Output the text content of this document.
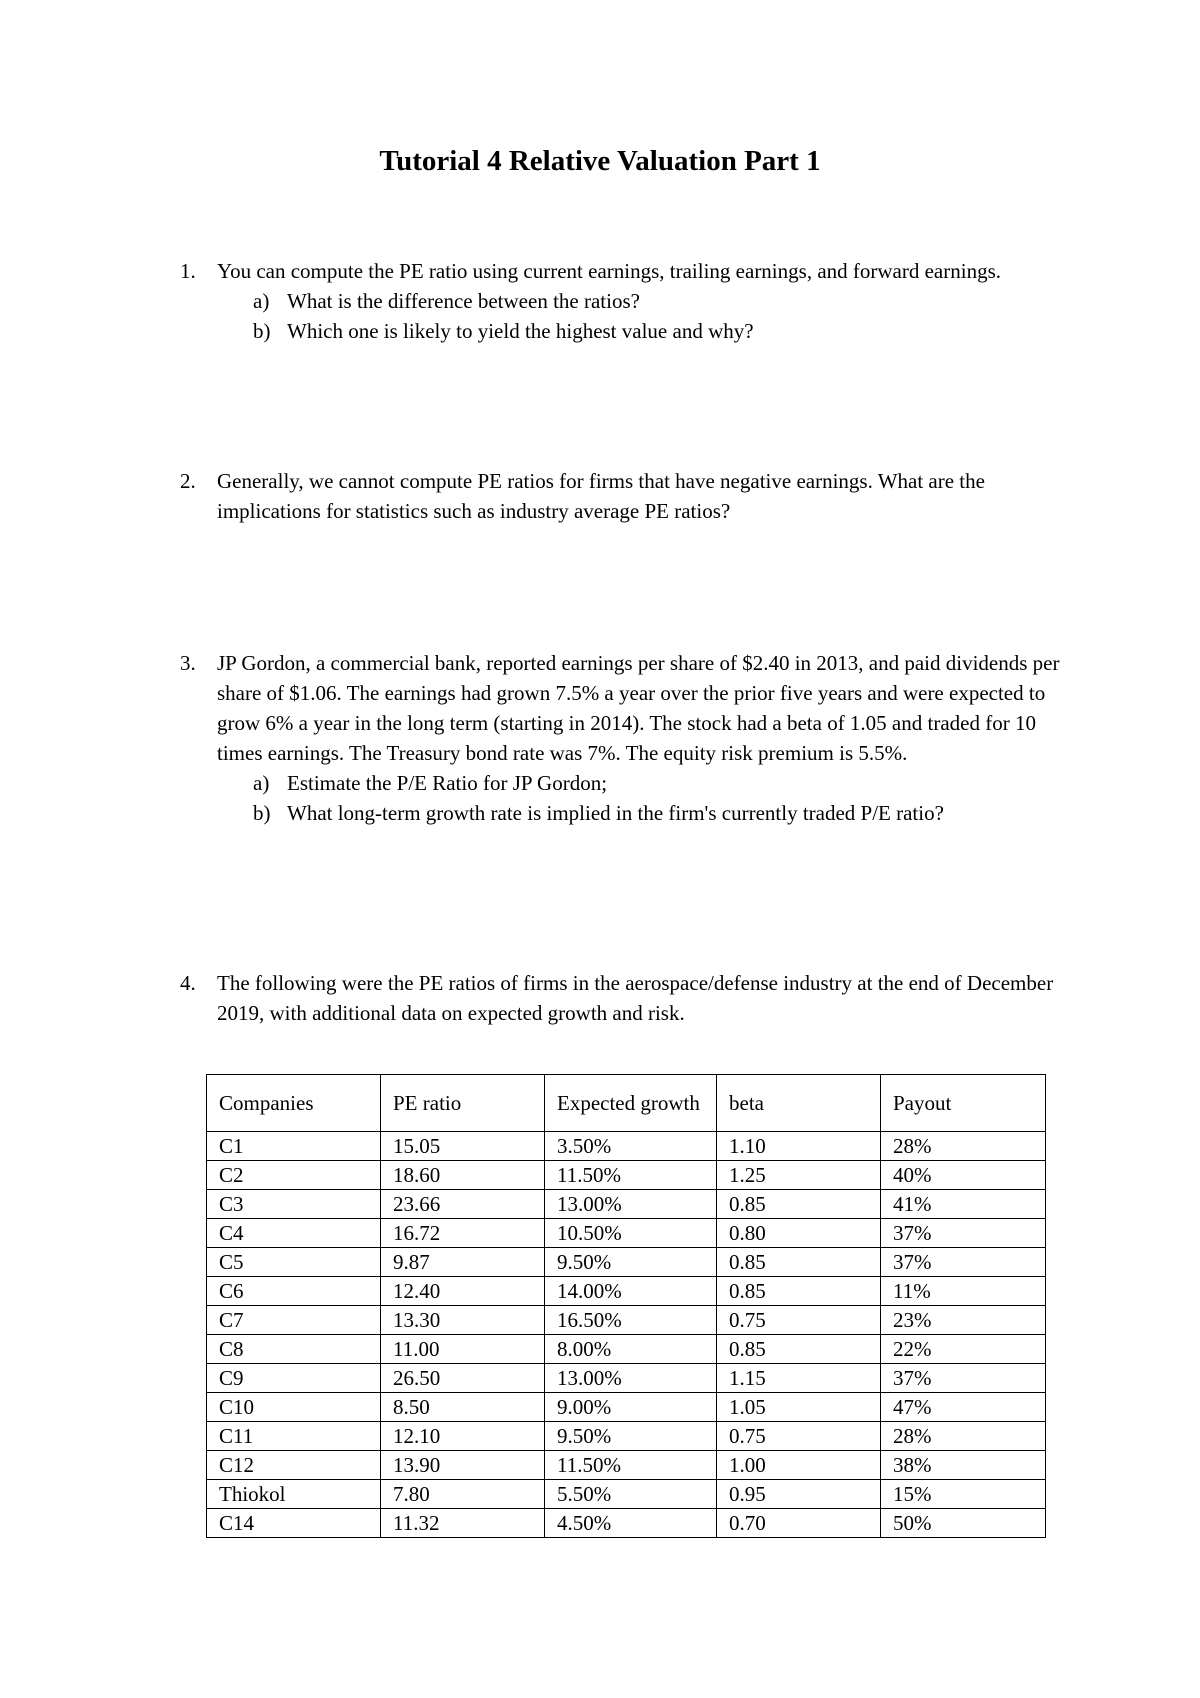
Tutorial 4 Relative Valuation Part 1
1. You can compute the PE ratio using current earnings, trailing earnings, and forward earnings.
a) What is the difference between the ratios?
b) Which one is likely to yield the highest value and why?
2. Generally, we cannot compute PE ratios for firms that have negative earnings. What are the implications for statistics such as industry average PE ratios?
3. JP Gordon, a commercial bank, reported earnings per share of $2.40 in 2013, and paid dividends per share of $1.06. The earnings had grown 7.5% a year over the prior five years and were expected to grow 6% a year in the long term (starting in 2014). The stock had a beta of 1.05 and traded for 10 times earnings. The Treasury bond rate was 7%. The equity risk premium is 5.5%.
a) Estimate the P/E Ratio for JP Gordon;
b) What long-term growth rate is implied in the firm's currently traded P/E ratio?
4. The following were the PE ratios of firms in the aerospace/defense industry at the end of December 2019, with additional data on expected growth and risk.
Companies	PE ratio	Expected growth	beta	Payout
C1	15.05	3.50%	1.10	28%
C2	18.60	11.50%	1.25	40%
C3	23.66	13.00%	0.85	41%
C4	16.72	10.50%	0.80	37%
C5	9.87	9.50%	0.85	37%
C6	12.40	14.00%	0.85	11%
C7	13.30	16.50%	0.75	23%
C8	11.00	8.00%	0.85	22%
C9	26.50	13.00%	1.15	37%
C10	8.50	9.00%	1.05	47%
C11	12.10	9.50%	0.75	28%
C12	13.90	11.50%	1.00	38%
Thiokol	7.80	5.50%	0.95	15%
C14	11.32	4.50%	0.70	50%
